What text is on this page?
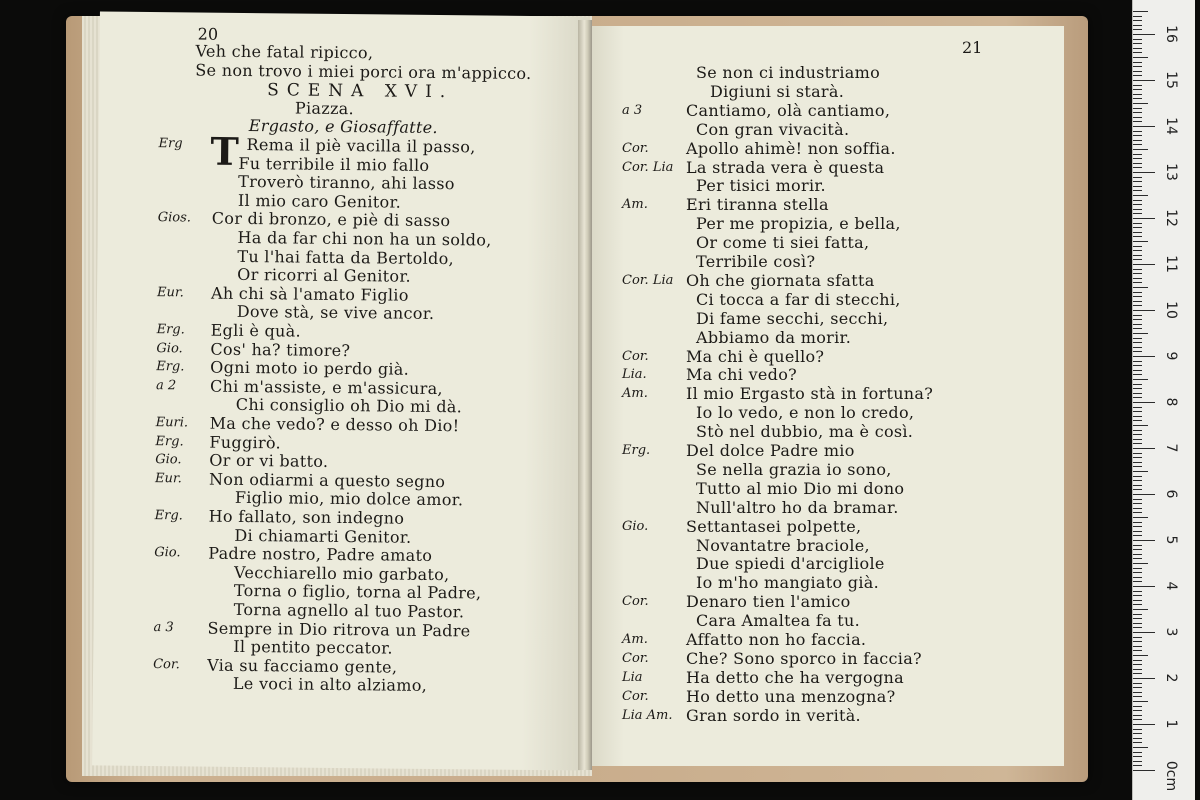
20
Veh che fatal ripicco,
Se non trovo i miei porci ora m'appicco.
SCENA XVI.
Piazza.
Ergasto, e Giosaffatte.
Rema il piè vacilla il passo,
Erg
Fu terribile il mio fallo
Troverò tiranno, ahi lasso
Il mio caro Genitor.
Cor di bronzo, e piè di sasso
Gios.
Ha da far chi non ha un soldo,
Tu l'hai fatta da Bertoldo,
Or ricorri al Genitor.
Ah chi sà l'amato Figlio
Eur.
Dove stà, se vive ancor.
Egli è quà.
Erg.
Cos' ha? timore?
Gio.
Ogni moto io perdo già.
Erg.
Chi m'assiste, e m'assicura,
a 2
Chi consiglio oh Dio mi dà.
Ma che vedo? e desso oh Dio!
Euri.
Fuggirò.
Erg.
Or or vi batto.
Gio.
Non odiarmi a questo segno
Eur.
Figlio mio, mio dolce amor.
Ho fallato, son indegno
Erg.
Di chiamarti Genitor.
Padre nostro, Padre amato
Gio.
Vecchiarello mio garbato,
Torna o figlio, torna al Padre,
Torna agnello al tuo Pastor.
Sempre in Dio ritrova un Padre
a 3
Il pentito peccator.
Via su facciamo gente,
Cor.
Le voci in alto alziamo,
T
21
Se non ci industriamo
Digiuni si starà.
Cantiamo, olà cantiamo,
a 3
Con gran vivacità.
Apollo ahimè! non soffia.
Cor.
La strada vera è questa
Cor. Lia
Per tisici morir.
Eri tiranna stella
Am.
Per me propizia, e bella,
Or come ti siei fatta,
Terribile così?
Oh che giornata sfatta
Cor. Lia
Ci tocca a far di stecchi,
Di fame secchi, secchi,
Abbiamo da morir.
Ma chi è quello?
Cor.
Ma chi vedo?
Lia.
Il mio Ergasto stà in fortuna?
Am.
Io lo vedo, e non lo credo,
Stò nel dubbio, ma è così.
Del dolce Padre mio
Erg.
Se nella grazia io sono,
Tutto al mio Dio mi dono
Null'altro ho da bramar.
Settantasei polpette,
Gio.
Novantatre braciole,
Due spiedi d'arcigliole
Io m'ho mangiato già.
Denaro tien l'amico
Cor.
Cara Amaltea fa tu.
Affatto non ho faccia.
Am.
Che? Sono sporco in faccia?
Cor.
Ha detto che ha vergogna
Lia
Ho detto una menzogna?
Cor.
Gran sordo in verità.
Lia Am.
0cm
1
2
3
4
5
6
7
8
9
10
11
12
13
14
15
16
